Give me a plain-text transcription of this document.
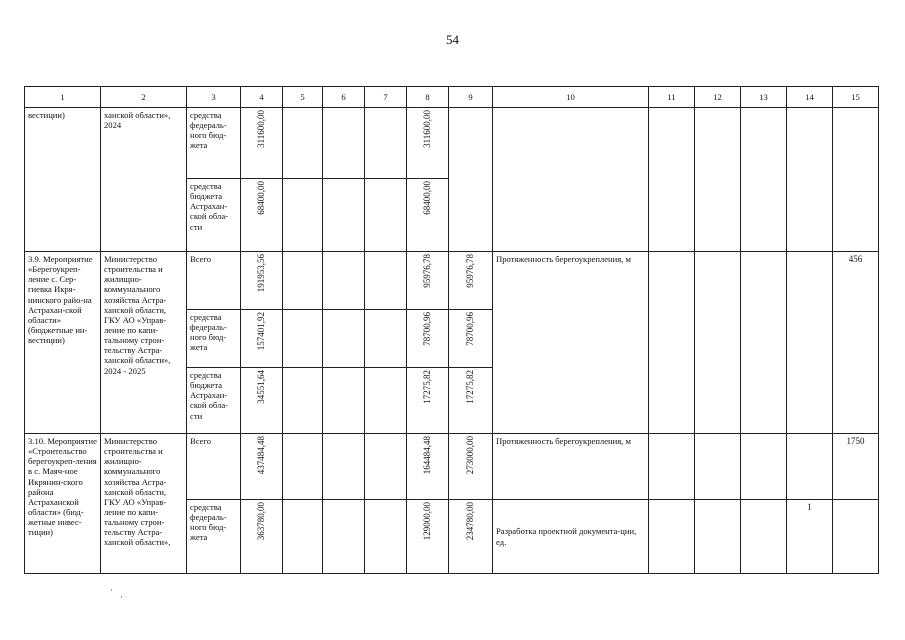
54
1	2	3	4	5	6	7	8	9	10	11	12	13	14	15
вестиции)	ханской области», 2024	средства федераль-ного бюд-жета	311600,00				311600,00							

		средства бюджета Астрахан-ской обла-сти	68400,00				68400,00							

3.9. Мероприятие «Берегоукреп-ление с. Сер-гиевка Икря-нинского райо-на Астрахан-ской области» (бюджетные ин-вестиции)	Министерство строительства и жилищно-коммунального хозяйства Астра-ханской области, ГКУ АО «Управ-ление по капи-тальному строи-тельству Астра-ханской области», 2024 - 2025	Всего	191953,56				95976,78	95976,78	Протяженность берегоукрепления, м					456
		средства федераль-ного бюд-жета	157401,92				78700,96	78700,96						

		средства бюджета Астрахан-ской обла-сти	34551,64				17275,82	17275,82						

3.10. Мероприятие «Строительство берегоукреп-ления в с. Маяч-ное Икрянин-ского района Астраханской области» (бюд-жетные инвес-тиции)	Министерство строительства и жилищно-коммунального хозяйства Астра-ханской области, ГКУ АО «Управ-ление по капи-тальному строи-тельству Астра-ханской области»,	Всего	437484,48				164484,48	273000,00	Протяженность берегоукрепления, м					1750
		средства федераль-ного бюд-жета	363780,00				129000,00	234780,00	Разработка проектной документа-ции, ед.				1	
·
·
